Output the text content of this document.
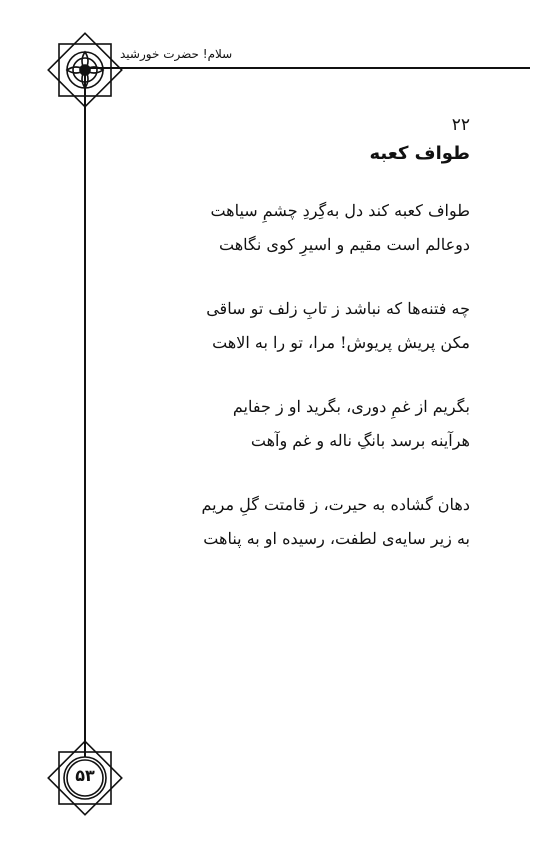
سلام! حضرت خورشید
۵۳
۲۲
طواف کعبه
طواف کعبه کند دل به‌گِردِ چشمِ سیاهت
دوعالم است مقیم و اسیرِ کوی نگاهت
چه فتنه‌ها که نباشد ز تابِ زلف تو ساقی
مکن پریش پریوش! مرا، تو را به الاهت
بگریم از غمِ دوری، بگرید او ز جفایم
هرآینه برسد بانگِ ناله و غم وآهت
دهان گشاده به حیرت، ز قامتت گلِ مریم
به زیر سایه‌ی لطفت، رسیده او به پناهت
